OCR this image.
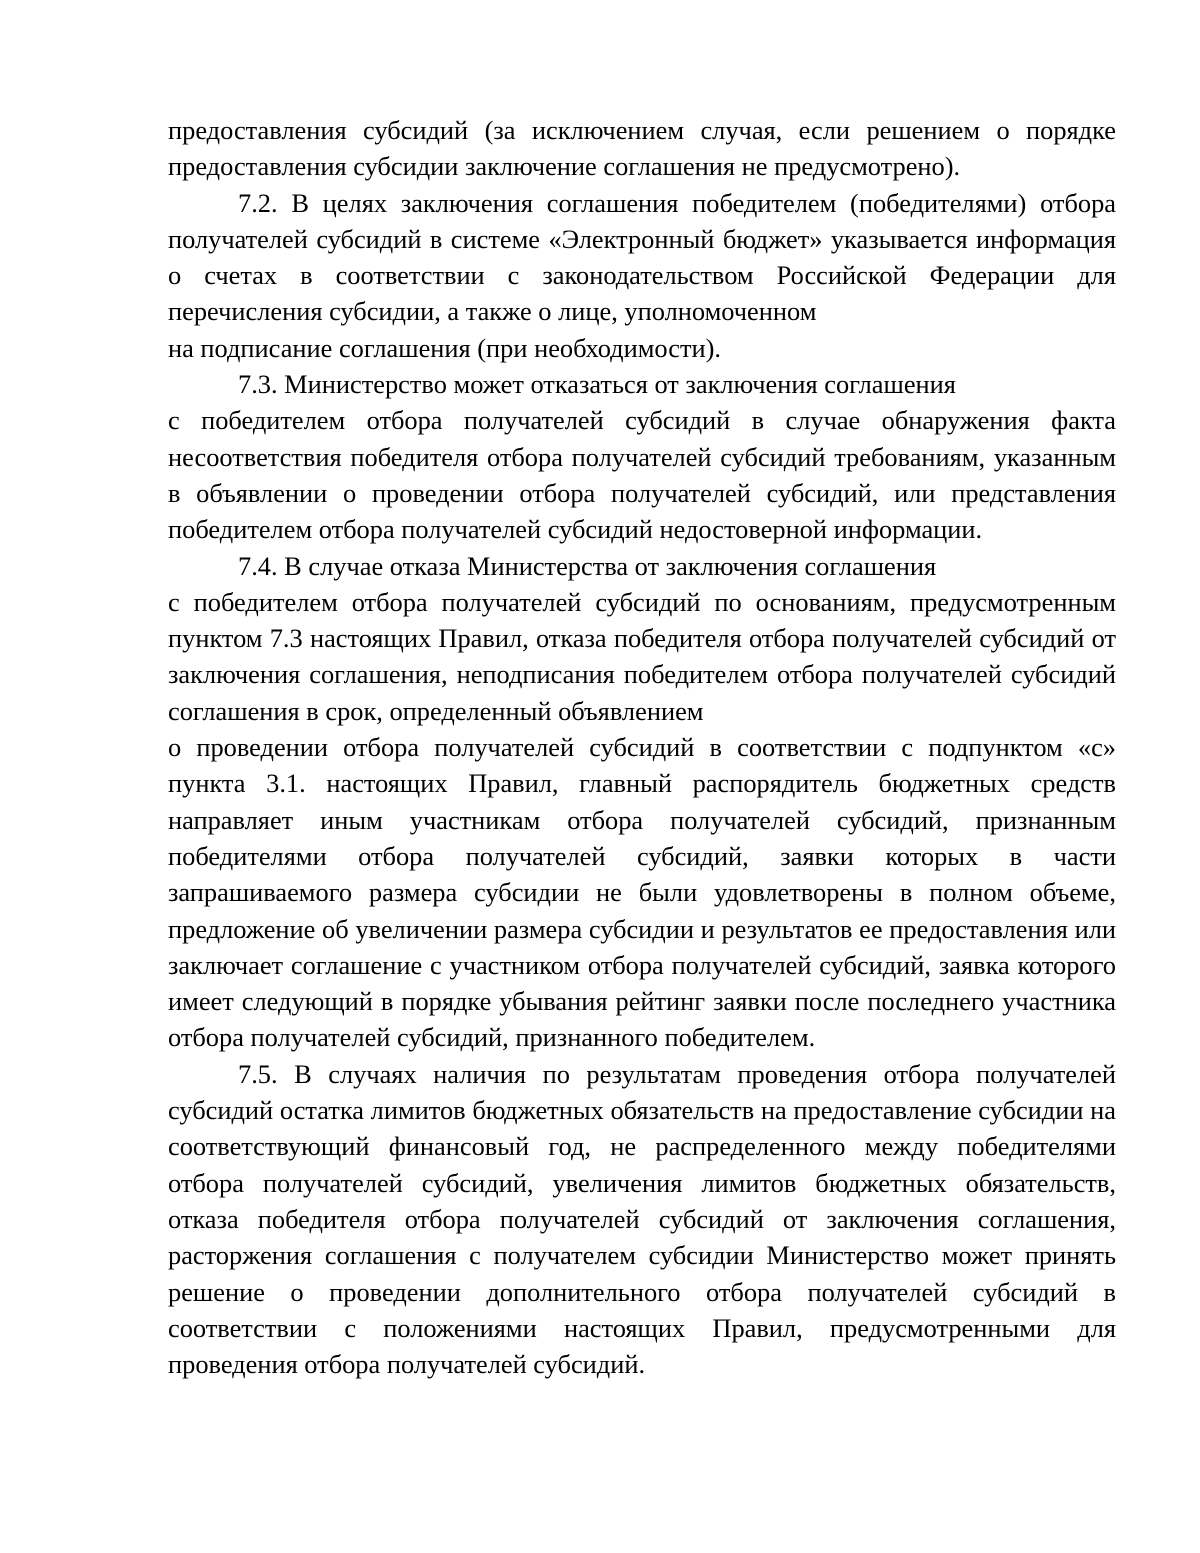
предоставления субсидий (за исключением случая, если решением о порядке предоставления субсидии заключение соглашения не предусмотрено).

7.2. В целях заключения соглашения победителем (победителями) отбора получателей субсидий в системе «Электронный бюджет» указывается информация о счетах в соответствии с законодательством Российской Федерации для перечисления субсидии, а также о лице, уполномоченном
на подписание соглашения (при необходимости).

7.3. Министерство может отказаться от заключения соглашения
с победителем отбора получателей субсидий в случае обнаружения факта несоответствия победителя отбора получателей субсидий требованиям, указанным в объявлении о проведении отбора получателей субсидий, или представления победителем отбора получателей субсидий недостоверной информации.

7.4. В случае отказа Министерства от заключения соглашения
с победителем отбора получателей субсидий по основаниям, предусмотренным пунктом 7.3 настоящих Правил, отказа победителя отбора получателей субсидий от заключения соглашения, неподписания победителем отбора получателей субсидий соглашения в срок, определенный объявлением
о проведении отбора получателей субсидий в соответствии с подпунктом «с» пункта 3.1. настоящих Правил, главный распорядитель бюджетных средств направляет иным участникам отбора получателей субсидий, признанным победителями отбора получателей субсидий, заявки которых в части запрашиваемого размера субсидии не были удовлетворены в полном объеме, предложение об увеличении размера субсидии и результатов ее предоставления или заключает соглашение с участником отбора получателей субсидий, заявка которого имеет следующий в порядке убывания рейтинг заявки после последнего участника отбора получателей субсидий, признанного победителем.

7.5. В случаях наличия по результатам проведения отбора получателей субсидий остатка лимитов бюджетных обязательств на предоставление субсидии на соответствующий финансовый год, не распределенного между победителями отбора получателей субсидий, увеличения лимитов бюджетных обязательств, отказа победителя отбора получателей субсидий от заключения соглашения, расторжения соглашения с получателем субсидии Министерство может принять решение о проведении дополнительного отбора получателей субсидий в соответствии с положениями настоящих Правил, предусмотренными для проведения отбора получателей субсидий.
